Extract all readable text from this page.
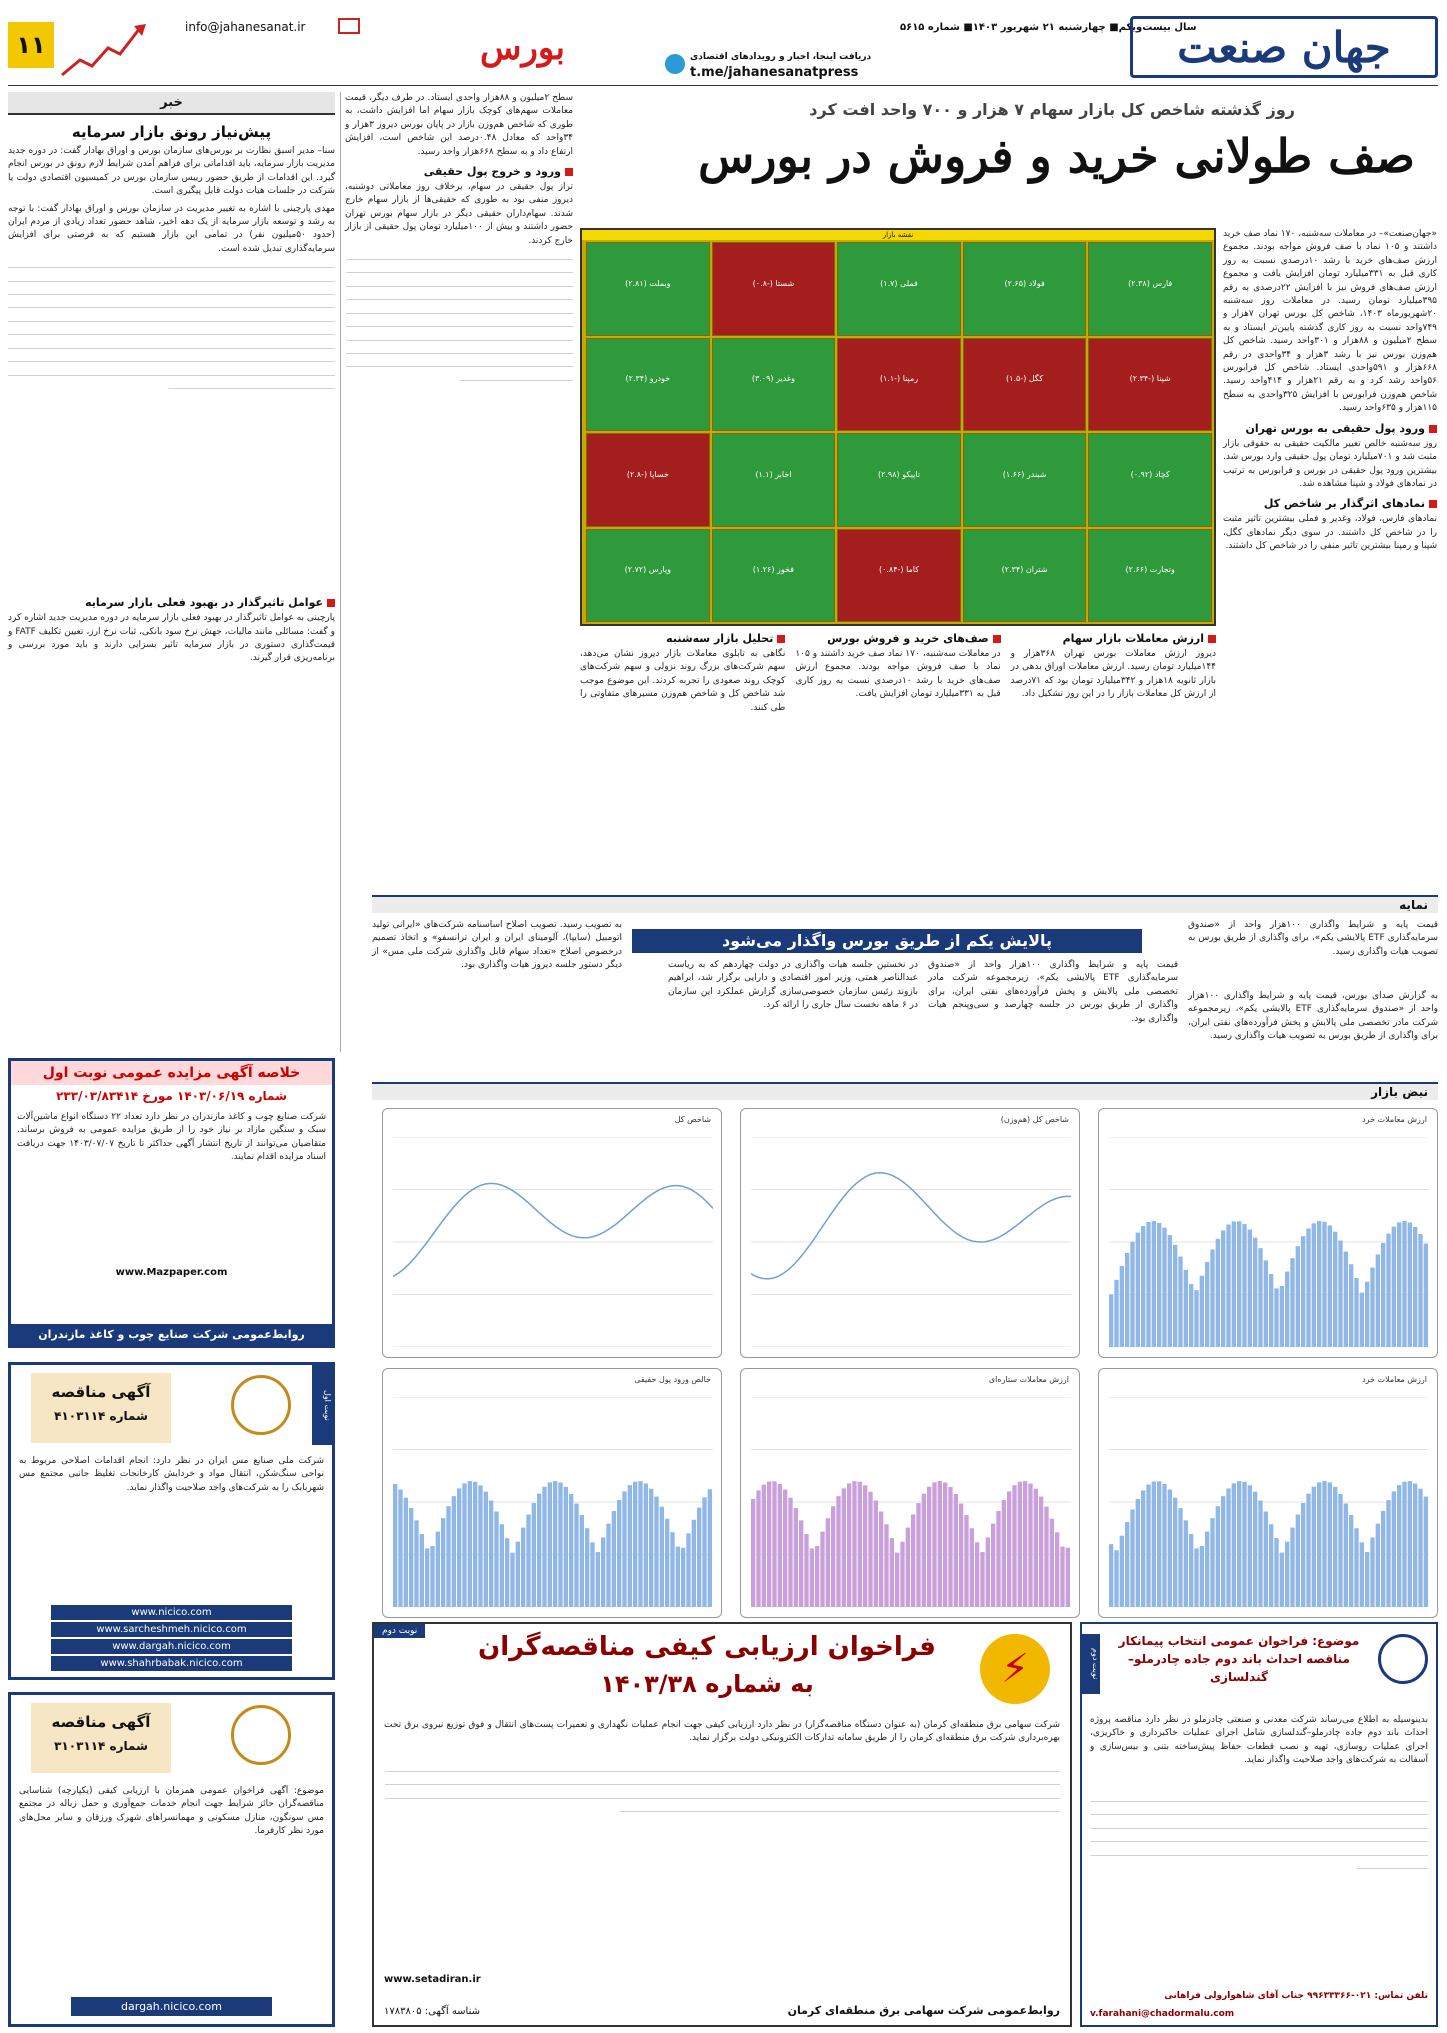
۱۱
info@jahanesanat.ir
بورس	دریافت اینجا، اخبار و رویدادهای اقتصادی
t.me/jahanesanatpress
سال بیست‌ویکم■ چهارشنبه ۲۱ شهریور ۱۴۰۳■ شماره ۵۶۱۵
جهان صنعت
خبر
پیش‌نیاز رونق بازار سرمایه
سنا– مدیر اسبق نظارت بر بورس‌های سازمان بورس و اوراق بهادار گفت: در دوره جدید مدیریت بازار سرمایه، باید اقداماتی برای فراهم آمدن شرایط لازم رونق در بورس انجام گیرد. این اقدامات از طریق حضور رییس سازمان بورس در کمیسیون اقتصادی دولت یا شرکت در جلسات هیات دولت قابل پیگیری است.
مهدی پارچینی با اشاره به تغییر مدیریت در سازمان بورس و اوراق بهادار گفت: با توجه به رشد و توسعه بازار سرمایه از یک دهه اخیر، شاهد حضور تعداد زیادی از مردم ایران (حدود ۵۰میلیون نفر) در تمامی این بازار هستیم که به فرصتی برای افزایش سرمایه‌گذاری تبدیل شده است.
ـــــــــــــــــــــــــــــــــــــــــــــــــــــــــــــــــــــــــــــــــــــــــــــــــــــــــــــــــــــــــــــــــــــــــــــــــــــــــــــــــــــــــــــــــــــــــــــــــــــــــــــــــــــــــــــــــــــــــــــــــــــــــــــــــــــــــــــــــــــــــــــــــــــــــــــــــــــــــــــــــــــــــــــــــــــــــــــــــــــــــــــــــــــــــــــــــــــــــــــــــــــــــــــــــــــــــــــــــــــــــــــــــــــــــــــــــــــــــــــــــــــــــــــــــــــــــــــــــــــــــــــــــــــــــــــــــــــــــــــــــــــــــــــــــــــــــــــــــــــــــــــــــــــــــــــــــــــــــــــــــــــــــــــــــــــــــــــــــــــــــــــــــــــــــــــــــــــــــــــــــــــــــــــــــــــــــــــــــــــــــــــــــــــــــــــــــــــــــــــــــــــــــــــــــــــــــــــــــــــــــــــــــــــــــــــــــــــــــــــــــــــــــــــــــــــــــــــــــــــــــــــــــــــــــــــــــــــــــــــــــــــــــــــــــــــــــــــــــــــــــــــــــــــــــــــــــــــــــــــــــــــــــــــــــــــــــــــــــــــــــــــــــــــــــــــــــــــــــــــــــــــــــــــــــــــــــــــــــــــــــــــــــــــــــــ
عوامل تاثیرگذار در بهبود فعلی بازار سرمایه
پارچینی به عوامل تاثیرگذار در بهبود فعلی بازار سرمایه در دوره مدیریت جدید اشاره کرد و گفت: مسائلی مانند مالیات، جهش نرخ سود بانکی، ثبات نرخ ارز، تعیین تکلیف FATF و قیمت‌گذاری دستوری در بازار سرمایه تاثیر بسزایی دارند و باید مورد بررسی و برنامه‌ریزی قرار گیرند.
روز گذشته شاخص کل بازار سهام ۷ هزار و ۷۰۰ واحد افت کرد
صف طولانی خرید و فروش در بورس
سطح ۲میلیون و ۸۸هزار واحدی ایستاد. در طرف دیگر، قیمت معاملات سهم‌های کوچک بازار سهام اما افزایش داشت، به طوری که شاخص هم‌وزن بازار در پایان بورس دیروز ۳هزار و ۳۴واحد که معادل ۰.۴۸درصد این شاخص است، افزایش ارتفاع داد و به سطح ۶۶۸هزار واحد رسید.
ورود و خروج پول حقیقی
تراز پول حقیقی در سهام، برخلاف روز معاملاتی دوشنبه، دیروز منفی بود به طوری که حقیقی‌ها از بازار سهام خارج شدند. سهام‌داران حقیقی دیگر در بازار سهام بورس تهران حضور داشتند و بیش از ۱۰۰میلیارد تومان پول حقیقی از بازار خارج کردند.
ـــــــــــــــــــــــــــــــــــــــــــــــــــــــــــــــــــــــــــــــــــــــــــــــــــــــــــــــــــــــــــــــــــــــــــــــــــــــــــــــــــــــــــــــــــــــــــــــــــــــــــــــــــــــــــــــــــــــــــــــــــــــــــــــــــــــــــــــــــــــــــــــــــــــــــــــــــــــــــــــــــــــــــــــــــــــــــــــــــــــــــــــــــــــــــــــــــــــــــــــــــــــــــــــــــــــــــــــــــــــــــــــــــــــــــــــــــــــــــــــــــــــــــــــــــــــــــــــــــــــــــــــــــــــــــــــــــــــــــــــــــــــــــــــــــــــــــــــــــــــــــــــــــــــــــــــــــــــــــــــــــــــــــــــــــــــــــــــــــــــــــــــــــــــــــــــــــــــــــــــــــــــــــــــــــــــــــــــــــــــــــــــــــــــــــــــــــــــــــــــــــــــــــــــــ
«جهان‌صنعت»– در معاملات سه‌شنبه، ۱۷۰ نماد صف خرید داشتند و ۱۰۵ نماد با صف فروش مواجه بودند. مجموع ارزش صف‌های خرید با رشد ۱۰درصدی نسبت به روز کاری قبل به ۳۳۱میلیارد تومان افزایش یافت و مجموع ارزش صف‌های فروش نیز با افزایش ۲۲درصدی به رقم ۳۹۵میلیارد تومان رسید. در معاملات روز سه‌شنبه ۲۰شهریورماه ۱۴۰۳، شاخص کل بورس تهران ۷هزار و ۷۴۹واحد نسبت به روز کاری گذشته پایین‌تر ایستاد و به سطح ۲میلیون و ۸۸هزار و ۳۰۱واحد رسید. شاخص کل هم‌وزن بورس نیز با رشد ۳هزار و ۳۴واحدی در رقم ۶۶۸هزار و ۵۹۱واحدی ایستاد. شاخص کل فرابورس ۵۶واحد رشد کرد و به رقم ۲۱هزار و ۴۱۴واحد رسید. شاخص هم‌وزن فرابورس با افزایش ۳۲۵واحدی به سطح ۱۱۵هزار و ۶۳۵واحد رسید.
ورود پول حقیقی به بورس تهران
روز سه‌شنبه خالص تغییر مالکیت حقیقی به حقوقی بازار مثبت شد و ۷۰۱میلیارد تومان پول حقیقی وارد بورس شد. بیشترین ورود پول حقیقی در بورس و فرابورس به ترتیب در نمادهای فولاد و شپنا مشاهده شد.
نمادهای اثرگذار بر شاخص کل
نمادهای فارس، فولاد، وغدیر و فملی بیشترین تاثیر مثبت را در شاخص کل داشتند. در سوی دیگر نمادهای کگل، شپنا و رمپنا بیشترین تاثیر منفی را در شاخص کل داشتند.
نقشه بازار
فارس (۲.۳۸)
فولاد (۲.۶۵)
فملی (۱.۷)
شستا (-۰.۸)
وبملت (۲.۸۱)
شپنا (-۲.۳۴)
کگل (-۱.۵)
رمپنا (-۱.۱)
وغدیر (۳.۰۹)
خودرو (۲.۳۴)
کچاد (۰.۹۲)
شبندر (۱.۶۶)
تاپیکو (۲.۹۸)
اخابر (۱.۱)
خساپا (-۲.۸)
وتجارت (۲.۶۶)
شتران (۲.۳۴)
کاما (-۰.۸۴)
فخوز (۱.۲۶)
وپارس (۲.۷۲)
ارزش معاملات بازار سهام
دیروز ارزش معاملات بورس تهران ۳۶۸هزار و ۱۴۴میلیارد تومان رسید. ارزش معاملات اوراق بدهی در بازار ثانویه ۱۸هزار و ۳۴۲میلیارد تومان بود که ۷۱درصد از ارزش کل معاملات بازار را در این روز تشکیل داد.
صف‌های خرید و فروش بورس
در معاملات سه‌شنبه، ۱۷۰ نماد صف خرید داشتند و ۱۰۵ نماد با صف فروش مواجه بودند. مجموع ارزش صف‌های خرید با رشد ۱۰درصدی نسبت به روز کاری قبل به ۳۳۱میلیارد تومان افزایش یافت.
تحلیل بازار سه‌شنبه
نگاهی به تابلوی معاملات بازار دیروز نشان می‌دهد، سهم شرکت‌های بزرگ روند نزولی و سهم شرکت‌های کوچک روند صعودی را تجربه کردند. این موضوع موجب شد شاخص کل و شاخص هم‌وزن مسیرهای متفاوتی را طی کنند.
نمایه
پالایش یکم از طریق بورس واگذار می‌شود
قیمت پایه و شرایط واگذاری ۱۰۰هزار واحد از «صندوق سرمایه‌گذاری ETF پالایشی یکم»، برای واگذاری از طریق بورس به تصویب هیات واگذاری رسید.
به گزارش صدای بورس، قیمت پایه و شرایط واگذاری ۱۰۰هزار واحد از «صندوق سرمایه‌گذاری ETF پالایشی یکم»، زیرمجموعه شرکت مادر تخصصی ملی پالایش و پخش فرآورده‌های نفتی ایران، برای واگذاری از طریق بورس به تصویب هیات واگذاری رسید.
در نخستین جلسه هیات واگذاری در دولت چهاردهم که به ریاست عبدالناصر همتی، وزیر امور اقتصادی و دارایی برگزار شد، ابراهیم بازوند رئیس سازمان خصوصی‌سازی گزارش عملکرد این سازمان در ۶ ماهه نخست سال جاری را ارائه کرد.
قیمت پایه و شرایط واگذاری ۱۰۰هزار واحد از «صندوق سرمایه‌گذاری ETF پالایشی یکم»، زیرمجموعه شرکت مادر تخصصی ملی پالایش و پخش فرآورده‌های نفتی ایران، برای واگذاری از طریق بورس در جلسه چهارصد و سی‌وپنجم هیات واگذاری بود.
به تصویب رسید. تصویب اصلاح اساسنامه شرکت‌های «ایرانی تولید اتومبیل (سایپا)، آلومینای ایران و ایران ترانسفو» و اتخاذ تصمیم درخصوص اصلاح «تعداد سهام قابل واگذاری شرکت ملی مس» از دیگر دستور جلسه دیروز هیات واگذاری بود.
نبض بازار
ارزش معاملات خرد
شاخص کل (هم‌وزن)
شاخص کل
ارزش معاملات خرد
ارزش معاملات ستاره‌ای
خالص ورود پول حقیقی
خلاصه آگهی مزایده عمومی نوبت اول
شماره ۱۴۰۳/۰۶/۱۹ مورخ ۲۳۳/۰۳/۸۳۴۱۴
شرکت صنایع چوب و کاغذ مازندران در نظر دارد تعداد ۲۲ دستگاه انواع ماشین‌آلات سبک و سنگین مازاد بر نیاز خود را از طریق مزایده عمومی به فروش برساند. متقاضیان می‌توانند از تاریخ انتشار آگهی حداکثر تا تاریخ ۱۴۰۳/۰۷/۰۷ جهت دریافت اسناد مزایده اقدام نمایند.
www.Mazpaper.com
روابط‌عمومی شرکت صنایع چوب و کاغذ مازندران
نوبت اول
آگهی مناقصه
شماره ۴۱۰۳۱۱۴
شرکت ملی صنایع مس ایران در نظر دارد: انجام اقدامات اصلاحی مربوط به نواحی سنگ‌شکن، انتقال مواد و خردایش کارخانجات تغلیظ جانبی مجتمع مس شهربابک را به شرکت‌های واجد صلاحیت واگذار نماید.
www.nicico.com
www.sarcheshmeh.nicico.com
www.dargah.nicico.com
www.shahrbabak.nicico.com
آگهی مناقصه
شماره ۳۱۰۳۱۱۴
موضوع: آگهی فراخوان عمومی همزمان با ارزیابی کیفی (یکپارچه) شناسایی مناقصه‌گران حائز شرایط جهت انجام خدمات جمع‌آوری و حمل زباله در مجتمع مس سونگون، منازل مسکونی و مهمانسراهای شهرک ورزقان و سایر محل‌های مورد نظر کارفرما.
dargah.nicico.com
نوبت دوم
فراخوان ارزیابی کیفی مناقصه‌گران
به شماره ۱۴۰۳/۳۸	⚡
شرکت سهامی برق منطقه‌ای کرمان (به عنوان دستگاه مناقصه‌گزار) در نظر دارد ارزیابی کیفی جهت انجام عملیات نگهداری و تعمیرات پست‌های انتقال و فوق توزیع نیروی برق تحت بهره‌برداری شرکت برق منطقه‌ای کرمان را از طریق سامانه تدارکات الکترونیکی دولت برگزار نماید.
ـــــــــــــــــــــــــــــــــــــــــــــــــــــــــــــــــــــــــــــــــــــــــــــــــــــــــــــــــــــــــــــــــــــــــــــــــــــــــــــــــــــــــــــــــــــــــــــــــــــــــــــــــــــــــــــــــــــــــــــــــــــــــــــــــــــــــــــــــــــــــــــــــــــــــــــــــــــــــــــــــــــــــــــــــــــــــــــــــــــــــــــــــــــــــــــــــــــــــــــــــــــــــــــــــــــــــــــــــــــــــــــــــــــــــــــــــــــــــــــــــــــــــــــــــــــــــــــــــــــــــــــــــــــــــــــــــــــــــــــــــــــــــــــــــــــــــــــــــــــــــــــــــــــــــــــــــــــــــــــــــــــــــــــــــــــــــــــــــــــــــــــــــــــــــــــــــــــــــــــــــــــــــــــــــــــــــــــــــــــــــــــــــــــــــــــــــــــــــــــــــــــــــــــــــــــــــــــــــــــــــــــــــــــــــــــــــــــــــــــــــــــــــــــــــــــــــــــــــــــــــــــــــــــــ
www.setadiran.ir
شناسه آگهی: ۱۷۸۳۸۰۵	روابط‌عمومی شرکت سهامی برق منطقه‌ای کرمان
نوبت دوم
موضوع: فراخوان عمومی انتخاب پیمانکار مناقصه احداث باند دوم جاده چادرملو–گندلسازی
بدینوسیله به اطلاع می‌رساند شرکت معدنی و صنعتی چادرملو در نظر دارد مناقصه پروژه احداث باند دوم جاده چادرملو–گندلسازی شامل اجرای عملیات خاکبرداری و خاکریزی، اجرای عملیات روسازی، تهیه و نصب قطعات حفاظ پیش‌ساخته بتنی و بیس‌سازی و آسفالت به شرکت‌های واجد صلاحیت واگذار نماید.
ـــــــــــــــــــــــــــــــــــــــــــــــــــــــــــــــــــــــــــــــــــــــــــــــــــــــــــــــــــــــــــــــــــــــــــــــــــــــــــــــــــــــــــــــــــــــــــــــــــــــــــــــــــــــــــــــــــــــــــــــــــــــــــــــــــــــــــــــــــــــــــــــــــــــــــــــــــــــــــــــــــــــــــــــــــــــــــــــــــــــــــــــــــــــــــــــــــــــــــــــــــــــــــــــــــــــــــــــــــــــــــــــــــــــــــــــــــــــــــــــــــــــــــــــــــــــــــــــــــــــــــــــــــــــــــــــــــــــــــــــــــــــــــــــــــــــــــــــــــــــــــــــــــــــــــــــــــــــــــــــــــــــــــــــــــــــــــ
تلفن تماس: ۰۲۱-۹۹۶۳۳۳۶۶ جناب آقای شاهوارولی فراهانی
v.farahani@chadormalu.com
